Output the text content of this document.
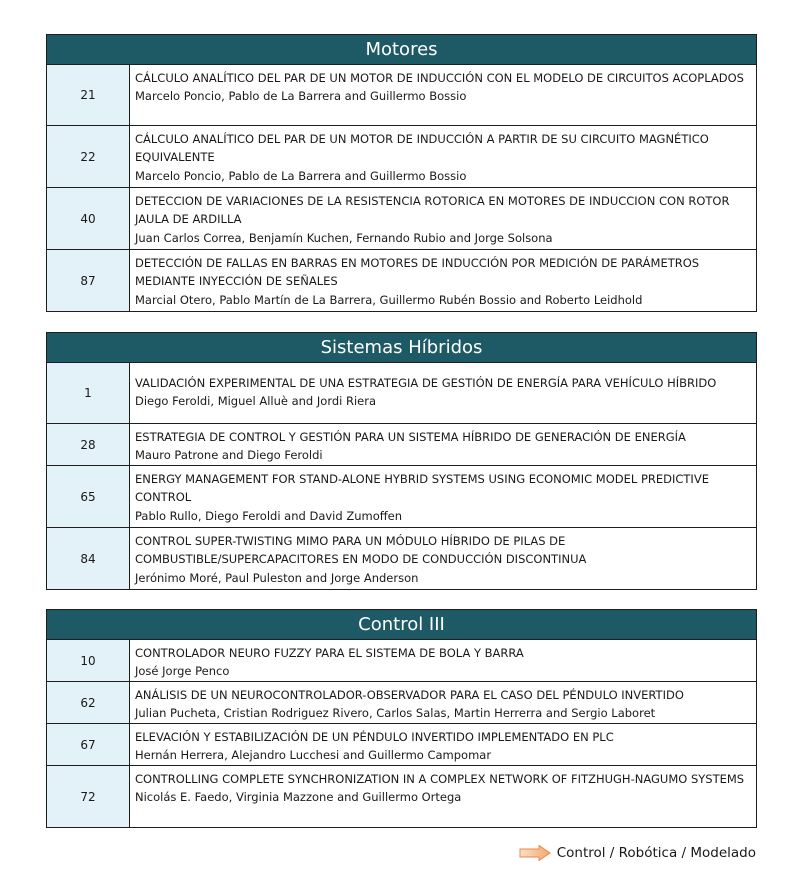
Motores
21
CÁLCULO ANALÍTICO DEL PAR DE UN MOTOR DE INDUCCIÓN CON EL MODELO DE CIRCUITOS ACOPLADOS
Marcelo Poncio, Pablo de La Barrera and Guillermo Bossio
22
CÁLCULO ANALÍTICO DEL PAR DE UN MOTOR DE INDUCCIÓN A PARTIR DE SU CIRCUITO MAGNÉTICO EQUIVALENTE
Marcelo Poncio, Pablo de La Barrera and Guillermo Bossio
40
DETECCION DE VARIACIONES DE LA RESISTENCIA ROTORICA EN MOTORES DE INDUCCION CON ROTOR JAULA DE ARDILLA
Juan Carlos Correa, Benjamín Kuchen, Fernando Rubio and Jorge Solsona
87
DETECCIÓN DE FALLAS EN BARRAS EN MOTORES DE INDUCCIÓN POR MEDICIÓN DE PARÁMETROS MEDIANTE INYECCIÓN DE SEÑALES
Marcial Otero, Pablo Martín de La Barrera, Guillermo Rubén Bossio and Roberto Leidhold
Sistemas Híbridos
1
VALIDACIÓN EXPERIMENTAL DE UNA ESTRATEGIA DE GESTIÓN DE ENERGÍA PARA VEHÍCULO HÍBRIDO
Diego Feroldi, Miguel Alluè and Jordi Riera
28
ESTRATEGIA DE CONTROL Y GESTIÓN PARA UN SISTEMA HÍBRIDO DE GENERACIÓN DE ENERGÍA
Mauro Patrone and Diego Feroldi
65
ENERGY MANAGEMENT FOR STAND-ALONE HYBRID SYSTEMS USING ECONOMIC MODEL PREDICTIVE CONTROL
Pablo Rullo, Diego Feroldi and David Zumoffen
84
CONTROL SUPER-TWISTING MIMO PARA UN MÓDULO HÍBRIDO DE PILAS DE COMBUSTIBLE/SUPERCAPACITORES EN MODO DE CONDUCCIÓN DISCONTINUA
Jerónimo Moré, Paul Puleston and Jorge Anderson
Control III
10
CONTROLADOR NEURO FUZZY PARA EL SISTEMA DE BOLA Y BARRA
José Jorge Penco
62
ANÁLISIS DE UN NEUROCONTROLADOR-OBSERVADOR PARA EL CASO DEL PÉNDULO INVERTIDO
Julian Pucheta, Cristian Rodriguez Rivero, Carlos Salas, Martin Herrerra and Sergio Laboret
67
ELEVACIÓN Y ESTABILIZACIÓN DE UN PÉNDULO INVERTIDO IMPLEMENTADO EN PLC
Hernán Herrera, Alejandro Lucchesi and Guillermo Campomar
72
CONTROLLING COMPLETE SYNCHRONIZATION IN A COMPLEX NETWORK OF FITZHUGH-NAGUMO SYSTEMS
Nicolás E. Faedo, Virginia Mazzone and Guillermo Ortega
Control / Robótica / Modelado
